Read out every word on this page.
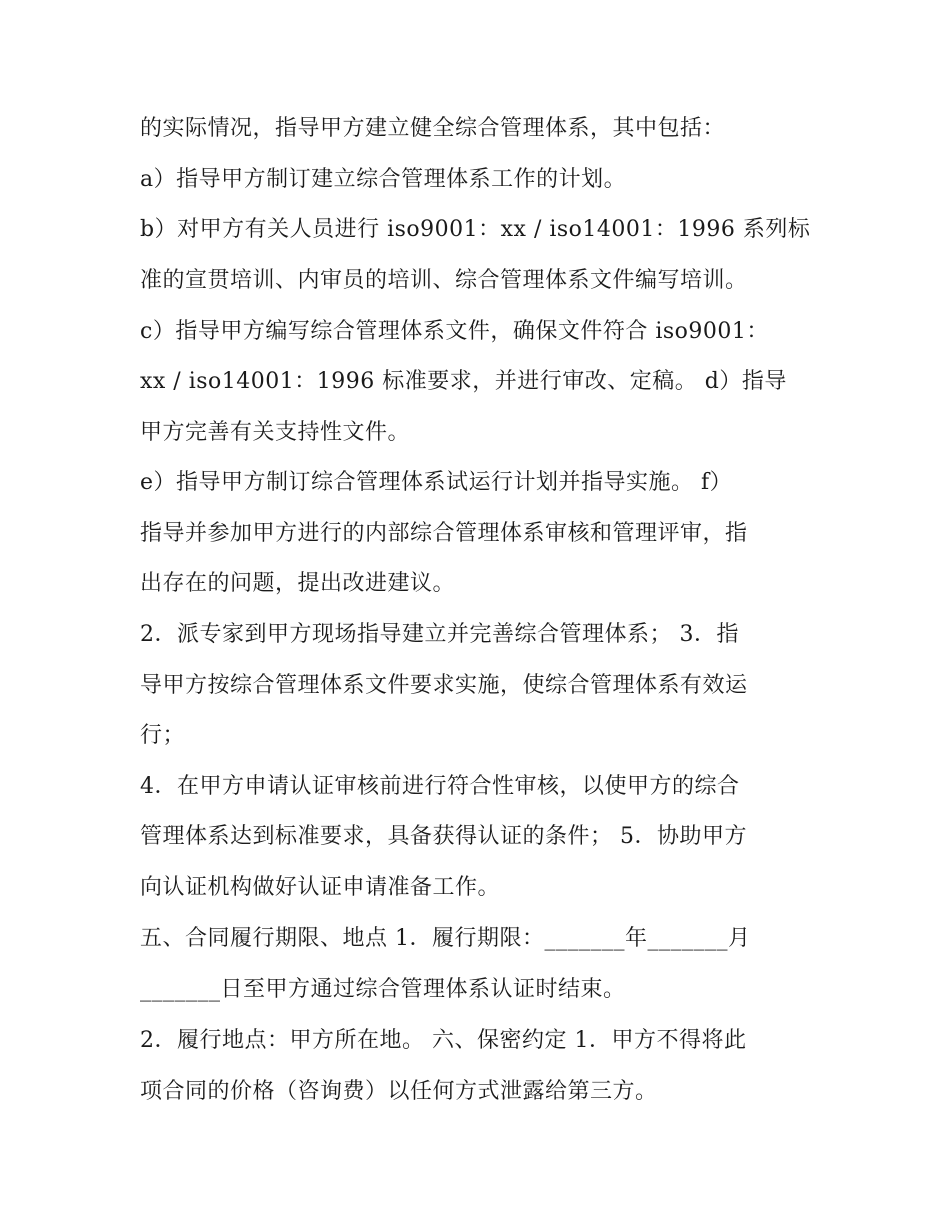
的实际情况，指导甲方建立健全综合管理体系，其中包括：

a）指导甲方制订建立综合管理体系工作的计划。

b）对甲方有关人员进行 iso9001：xx / iso14001：1996 系列标

准的宣贯培训、内审员的培训、综合管理体系文件编写培训。

c）指导甲方编写综合管理体系文件，确保文件符合 iso9001：

xx / iso14001：1996 标准要求，并进行审改、定稿。 d）指导

甲方完善有关支持性文件。

e）指导甲方制订综合管理体系试运行计划并指导实施。 f）

指导并参加甲方进行的内部综合管理体系审核和管理评审，指

出存在的问题，提出改进建议。

2．派专家到甲方现场指导建立并完善综合管理体系； 3．指

导甲方按综合管理体系文件要求实施，使综合管理体系有效运

行；

4．在甲方申请认证审核前进行符合性审核，以使甲方的综合

管理体系达到标准要求，具备获得认证的条件； 5．协助甲方

向认证机构做好认证申请准备工作。

五、合同履行期限、地点 1．履行期限：_______年_______月

_______日至甲方通过综合管理体系认证时结束。

2．履行地点：甲方所在地。 六、保密约定 1．甲方不得将此

项合同的价格（咨询费）以任何方式泄露给第三方。
